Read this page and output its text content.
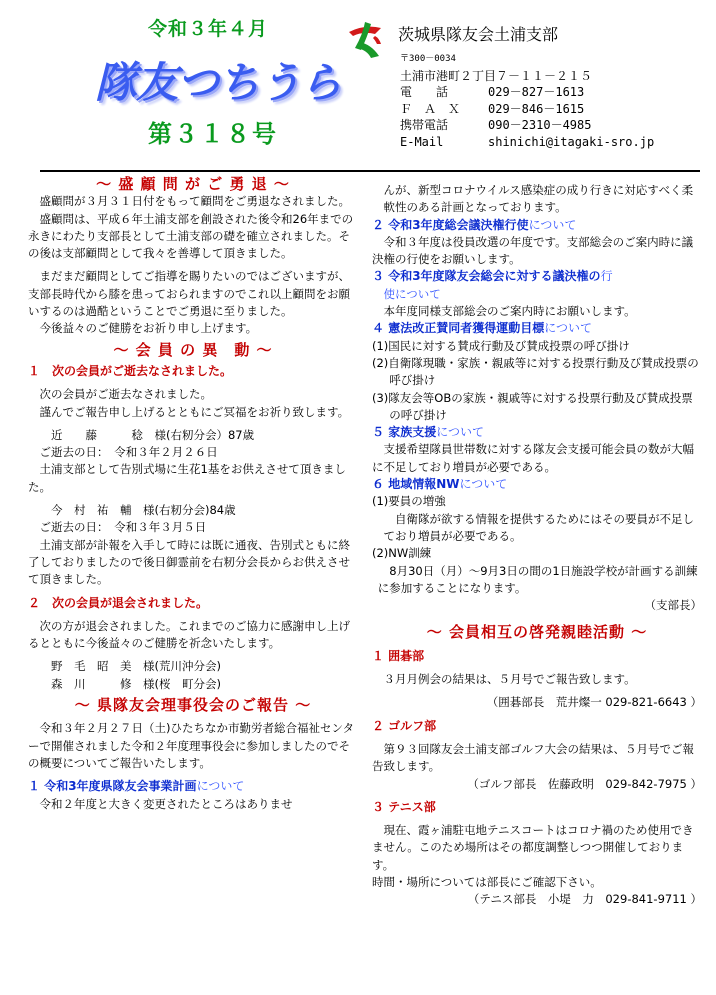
令和３年４月
隊友つちうら
第３１８号
茨城県隊友会土浦支部
〒300－0034
土浦市港町２丁目７－１１－２１５
電　　話	029－827－1613
Ｆ　Ａ　Ｘ 029－846－1615
携帯電話	090－2310－4985
E-Mail	shinichi@itagaki-sro.jp
～ 盛 顧 問 が ご 勇 退 ～

盛顧問が３月３１日付をもって顧問をご勇退なされました。

盛顧問は、平成６年土浦支部を創設された後令和26年までの永きにわたり支部長として土浦支部の礎を確立されました。その後は支部顧問として我々を善導して頂きました。

まだまだ顧問としてご指導を賜りたいのではございますが、支部長時代から膝を患っておられますのでこれ以上顧問をお願いするのは過酷ということでご勇退に至りました。

今後益々のご健勝をお祈り申し上げます。

～ 会 員 の 異　動 ～
１　次の会員がご逝去なされました。

次の会員がご逝去なされました。

謹んでご報告申し上げるとともにご冥福をお祈り致します。

近　　藤　　　稔　様(右籾分会）87歳

ご逝去の日：　令和３年２月２６日

土浦支部として告別式場に生花1基をお供えさせて頂きました。

今　村　祐　輔　様(右籾分会)84歳

ご逝去の日：　令和３年３月５日

土浦支部が訃報を入手して時には既に通夜、告別式ともに終了しておりましたので後日御霊前を右籾分会長からお供えさせて頂きました。

２　次の会員が退会されました。

次の方が退会されました。これまでのご協力に感謝申し上げるとともに今後益々のご健勝を祈念いたします。

野　毛　昭　美　様(荒川沖分会)

森　川　　　修　様(桜　町分会)

～ 県隊友会理事役会のご報告 ～

令和３年２月２７日（土)ひたちなか市勤労者総合福祉センターで開催されました令和２年度理事役会に参加しましたのでその概要についてご報告いたします。

１ 令和3年度県隊友会事業計画について

令和２年度と大きく変更されたところはありませ

んが、新型コロナウイルス感染症の成り行きに対応すべく柔軟性のある計画となっております。

２ 令和3年度総会議決権行使について

令和３年度は役員改選の年度です。支部総会のご案内時に議決権の行使をお願いします。

３ 令和3年度隊友会総会に対する議決権の行
使について

本年度同様支部総会のご案内時にお願いします。

４ 憲法改正賛同者獲得運動目標について

(1)国民に対する賛成行動及び賛成投票の呼び掛け

(2)自衛隊現職・家族・親戚等に対する投票行動及び賛成投票の呼び掛け

(3)隊友会等OBの家族・親戚等に対する投票行動及び賛成投票の呼び掛け

５ 家族支援について

支援希望隊員世帯数に対する隊友会支援可能会員の数が大幅に不足しており増員が必要である。

６ 地域情報NWについて

(1)要員の増強

自衛隊が欲する情報を提供するためにはその要員が不足しており増員が必要である。

(2)NW訓練

8月30日（月）～9月3日の間の1日施設学校が計画する訓練に参加することになります。

（支部長）
～ 会員相互の啓発親睦活動 ～
１ 囲碁部

３月月例会の結果は、５月号でご報告致します。

（囲碁部長　荒井燦一 029-821-6643 ）
２ ゴルフ部

第９３回隊友会土浦支部ゴルフ大会の結果は、５月号でご報告致します。

（ゴルフ部長　佐藤政明　029-842-7975 ）
３ テニス部

現在、霞ヶ浦駐屯地テニスコートはコロナ禍のため使用できません。このため場所はその都度調整しつつ開催しております。

時間・場所については部長にご確認下さい。

（テニス部長　小堤　力　029-841-9711 ）
